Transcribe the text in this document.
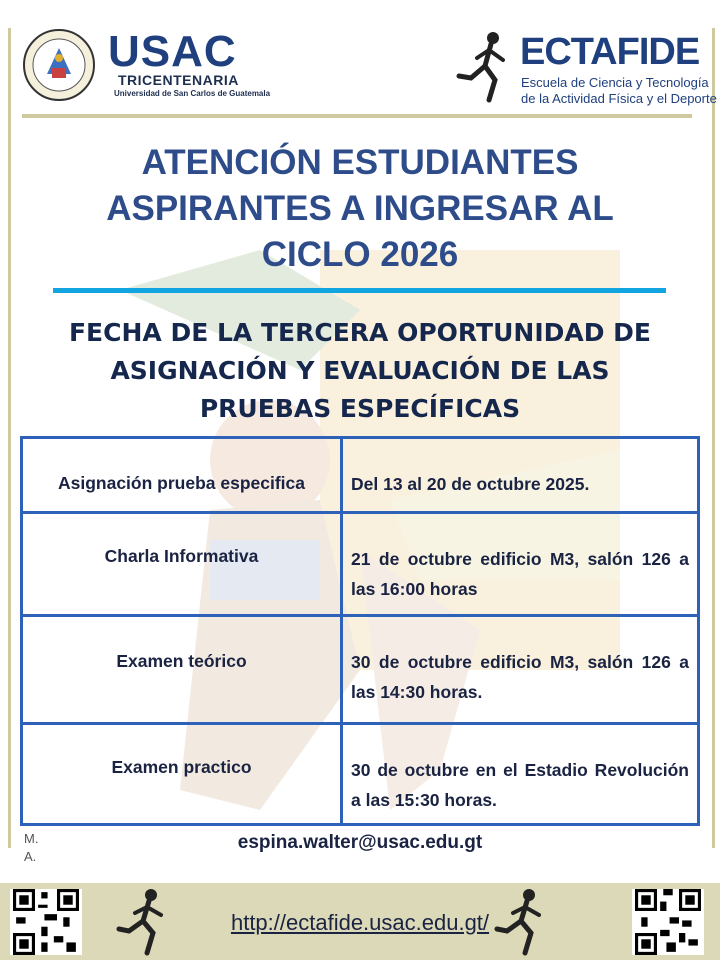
USAC
TRICENTENARIA
Universidad de San Carlos de Guatemala
ECTAFIDE
Escuela de Ciencia y Tecnología
de la Actividad Física y el Deporte
ATENCIÓN ESTUDIANTES
ASPIRANTES A INGRESAR AL
CICLO 2026
FECHA DE LA TERCERA OPORTUNIDAD DE
ASIGNACIÓN Y EVALUACIÓN DE LAS
PRUEBAS ESPECÍFICAS
Asignación prueba especifica	Del 13 al 20 de octubre 2025.
Charla Informativa	21 de octubre edificio M3, salón 126 a las 16:00 horas
Examen teórico	30 de octubre edificio M3, salón 126 a las 14:30 horas.
Examen practico	30 de octubre en el Estadio Revolución a las 15:30 horas.
M.
A.
espina.walter@usac.edu.gt
http://ectafide.usac.edu.gt/
